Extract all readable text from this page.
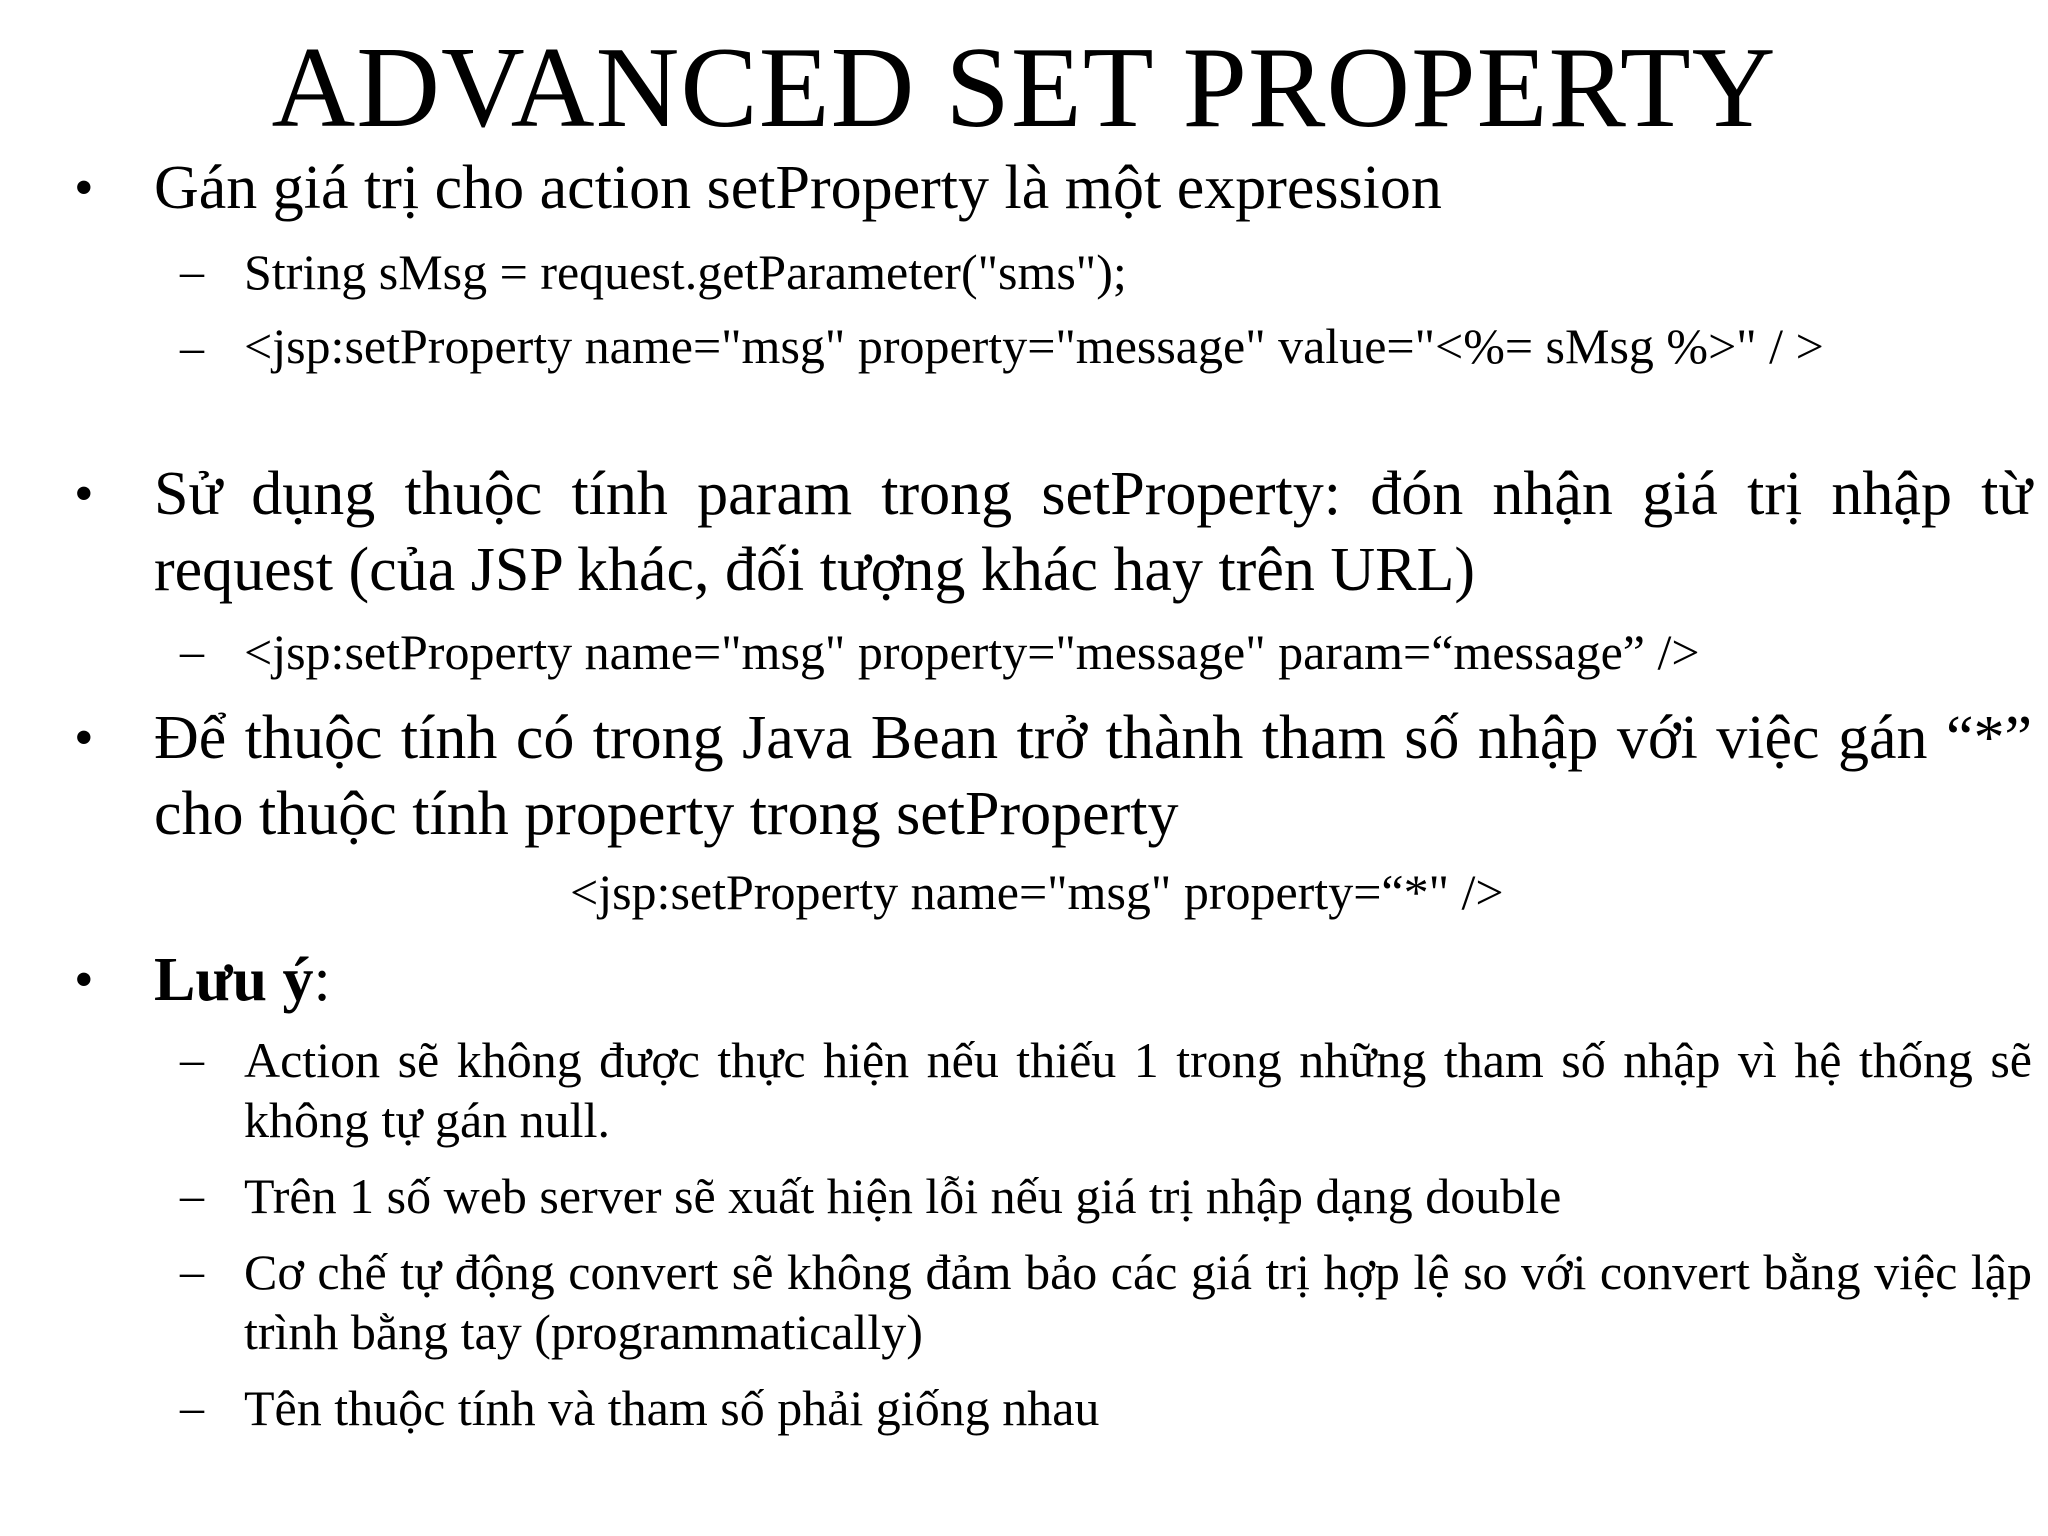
ADVANCED SET PROPERTY
• Gán giá trị cho action setProperty là một expression
– String sMsg = request.getParameter("sms");
– <jsp:setProperty name="msg" property="message" value="<%= sMsg %>" / >
• Sử dụng thuộc tính param trong setProperty: đón nhận giá trị nhập từ request (của JSP khác, đối tượng khác hay trên URL)
– <jsp:setProperty name="msg" property="message" param=“message” />
• Để thuộc tính có trong Java Bean trở thành tham số nhập với việc gán “*” cho thuộc tính property trong setProperty
<jsp:setProperty name="msg" property=“*" />
• Lưu ý:
– Action sẽ không được thực hiện nếu thiếu 1 trong những tham số nhập vì hệ thống sẽ không tự gán null.
– Trên 1 số web server sẽ xuất hiện lỗi nếu giá trị nhập dạng double
– Cơ chế tự động convert sẽ không đảm bảo các giá trị hợp lệ so với convert bằng việc lập trình bằng tay (programmatically)
– Tên thuộc tính và tham số phải giống nhau
